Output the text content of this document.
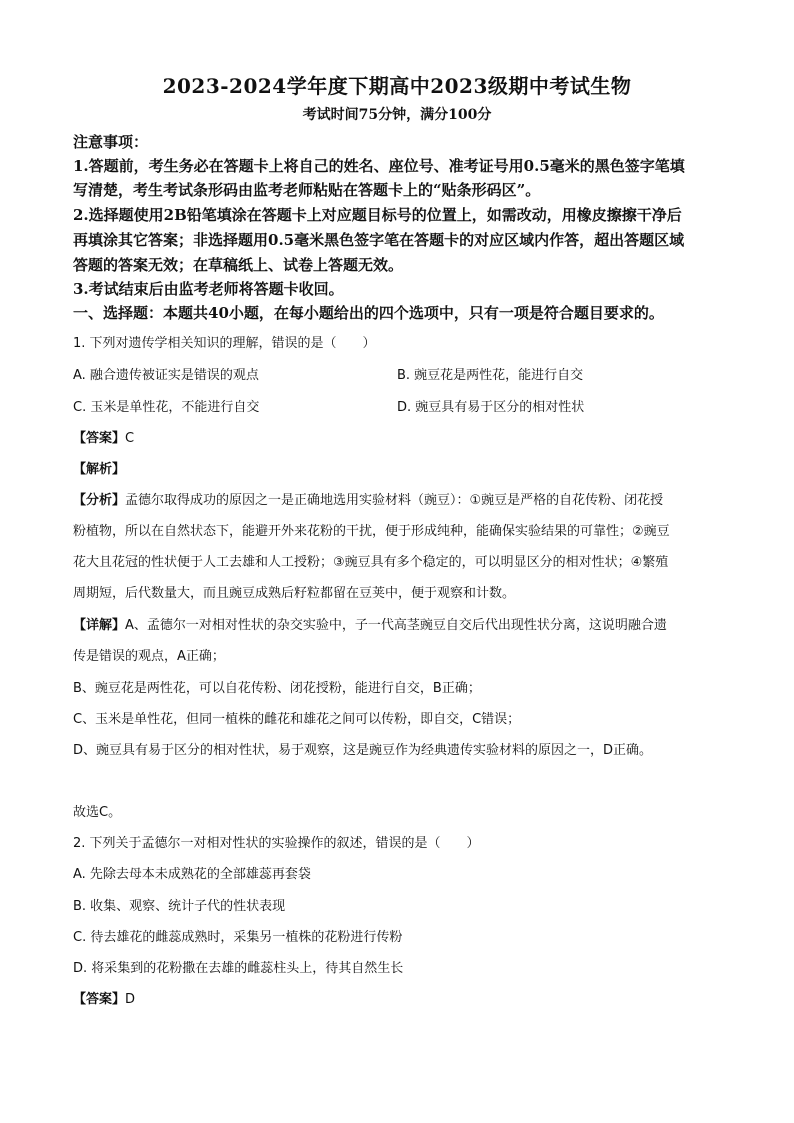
2023-2024学年度下期高中2023级期中考试生物
考试时间75分钟，满分100分
注意事项：
1.答题前，考生务必在答题卡上将自己的姓名、座位号、准考证号用0.5毫米的黑色签字笔填
写清楚，考生考试条形码由监考老师粘贴在答题卡上的“贴条形码区”。
2.选择题使用2B铅笔填涂在答题卡上对应题目标号的位置上，如需改动，用橡皮擦擦干净后
再填涂其它答案；非选择题用0.5毫米黑色签字笔在答题卡的对应区域内作答，超出答题区域
答题的答案无效；在草稿纸上、试卷上答题无效。
3.考试结束后由监考老师将答题卡收回。
一、选择题：本题共40小题，在每小题给出的四个选项中，只有一项是符合题目要求的。
1. 下列对遗传学相关知识的理解，错误的是（　　）
A. 融合遗传被证实是错误的观点	B. 豌豆花是两性花，能进行自交
C. 玉米是单性花，不能进行自交	D. 豌豆具有易于区分的相对性状
【答案】C
【解析】
【分析】孟德尔取得成功的原因之一是正确地选用实验材料（豌豆）：①豌豆是严格的自花传粉、闭花授
粉植物，所以在自然状态下，能避开外来花粉的干扰，便于形成纯种，能确保实验结果的可靠性；②豌豆
花大且花冠的性状便于人工去雄和人工授粉；③豌豆具有多个稳定的，可以明显区分的相对性状；④繁殖
周期短，后代数量大，而且豌豆成熟后籽粒都留在豆荚中，便于观察和计数。
【详解】A、孟德尔一对相对性状的杂交实验中，子一代高茎豌豆自交后代出现性状分离，这说明融合遗
传是错误的观点，A正确；
B、豌豆花是两性花，可以自花传粉、闭花授粉，能进行自交，B正确；
C、玉米是单性花，但同一植株的雌花和雄花之间可以传粉，即自交，C错误；
D、豌豆具有易于区分的相对性状，易于观察，这是豌豆作为经典遗传实验材料的原因之一，D正确。
故选C。
2. 下列关于孟德尔一对相对性状的实验操作的叙述，错误的是（　　）
A. 先除去母本未成熟花的全部雄蕊再套袋
B. 收集、观察、统计子代的性状表现
C. 待去雄花的雌蕊成熟时，采集另一植株的花粉进行传粉
D. 将采集到的花粉撒在去雄的雌蕊柱头上，待其自然生长
【答案】D
